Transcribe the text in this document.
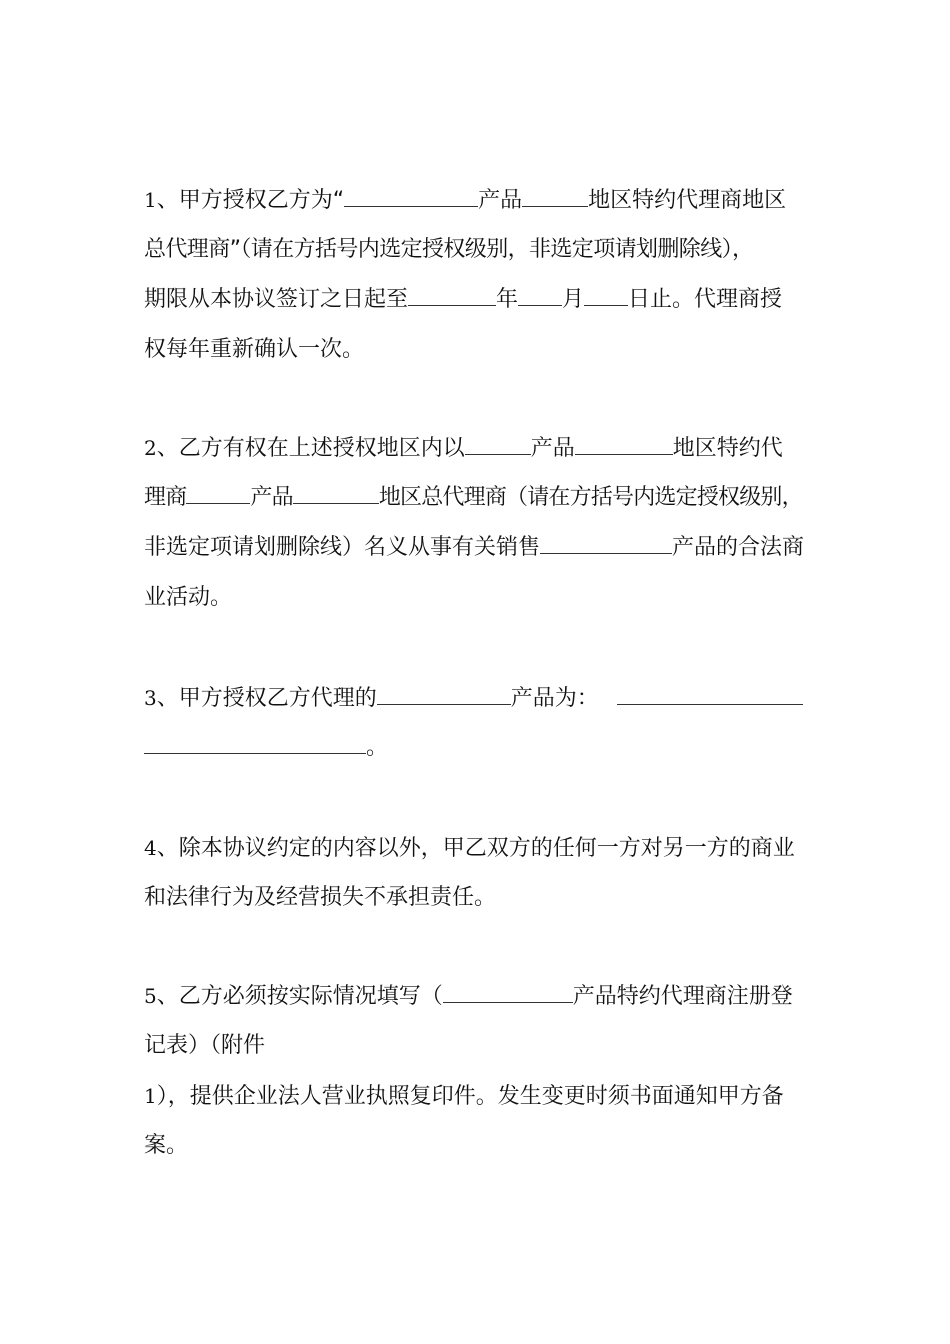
1、甲方授权乙方为“	产品	地区特约代理商地区
总代理商”（请在方括号内选定授权级别，非选定项请划删除线），
期限从本协议签订之日起至	年 月 日止。代理商授
权每年重新确认一次。
2、乙方有权在上述授权地区内以	产品	地区特约代
理商	产品	地区总代理商（请在方括号内选定授权级别，
非选定项请划删除线）名义从事有关销售	产品的合法商
业活动。
3、甲方授权乙方代理的	产品为：
。
4、除本协议约定的内容以外，甲乙双方的任何一方对另一方的商业
和法律行为及经营损失不承担责任。
5、乙方必须按实际情况填写（	产品特约代理商注册登
记表）（附件
1），提供企业法人营业执照复印件。发生变更时须书面通知甲方备
案。
